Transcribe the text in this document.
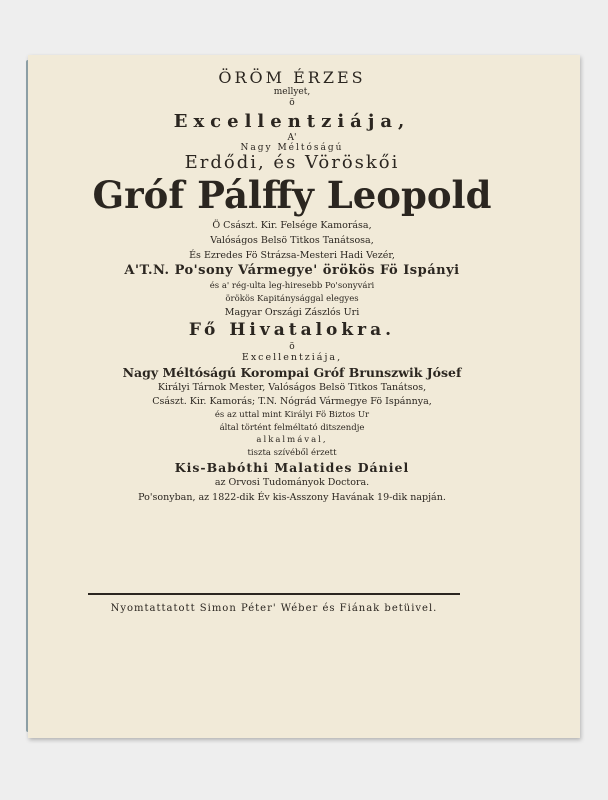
ÖRÖM ÉRZES
mellyet,
ö
Excellentziája,
A'
Nagy Méltóságú
Erdődi, és Vöröskői
Gróf Pálffy Leopold
Ö Császt. Kir. Felsége Kamorása,
Valóságos Belsö Titkos Tanátsosa,
És Ezredes Fö Strázsa-Mesteri Hadi Vezér,
A'T.N. Po'sony Vármegye' örökös Fö Ispányi
és a' rég-ulta leg-hiresebb Po'sonyvári
örökös Kapitánysággal elegyes
Magyar Országi Zászlós Uri
Fő Hivatalokra.
ö
Excellentziája,
Nagy Méltóságú Korompai Gróf Brunszwik Jósef
Királyi Tárnok Mester, Valóságos Belsö Titkos Tanátsos,
Császt. Kir. Kamorás; T.N. Nógrád Vármegye Fö Ispánnya,
és az uttal mint Királyi Fö Biztos Ur
által történt felméltató ditszendje
alkalmával,
tiszta szívéből érzett
Kis-Babóthi Malatides Dániel
az Orvosi Tudományok Doctora.
Po'sonyban, az 1822-dik Év kis-Asszony Havának 19-dik napján.
Nyomtattatott Simon Péter' Wéber és Fiának betüivel.
